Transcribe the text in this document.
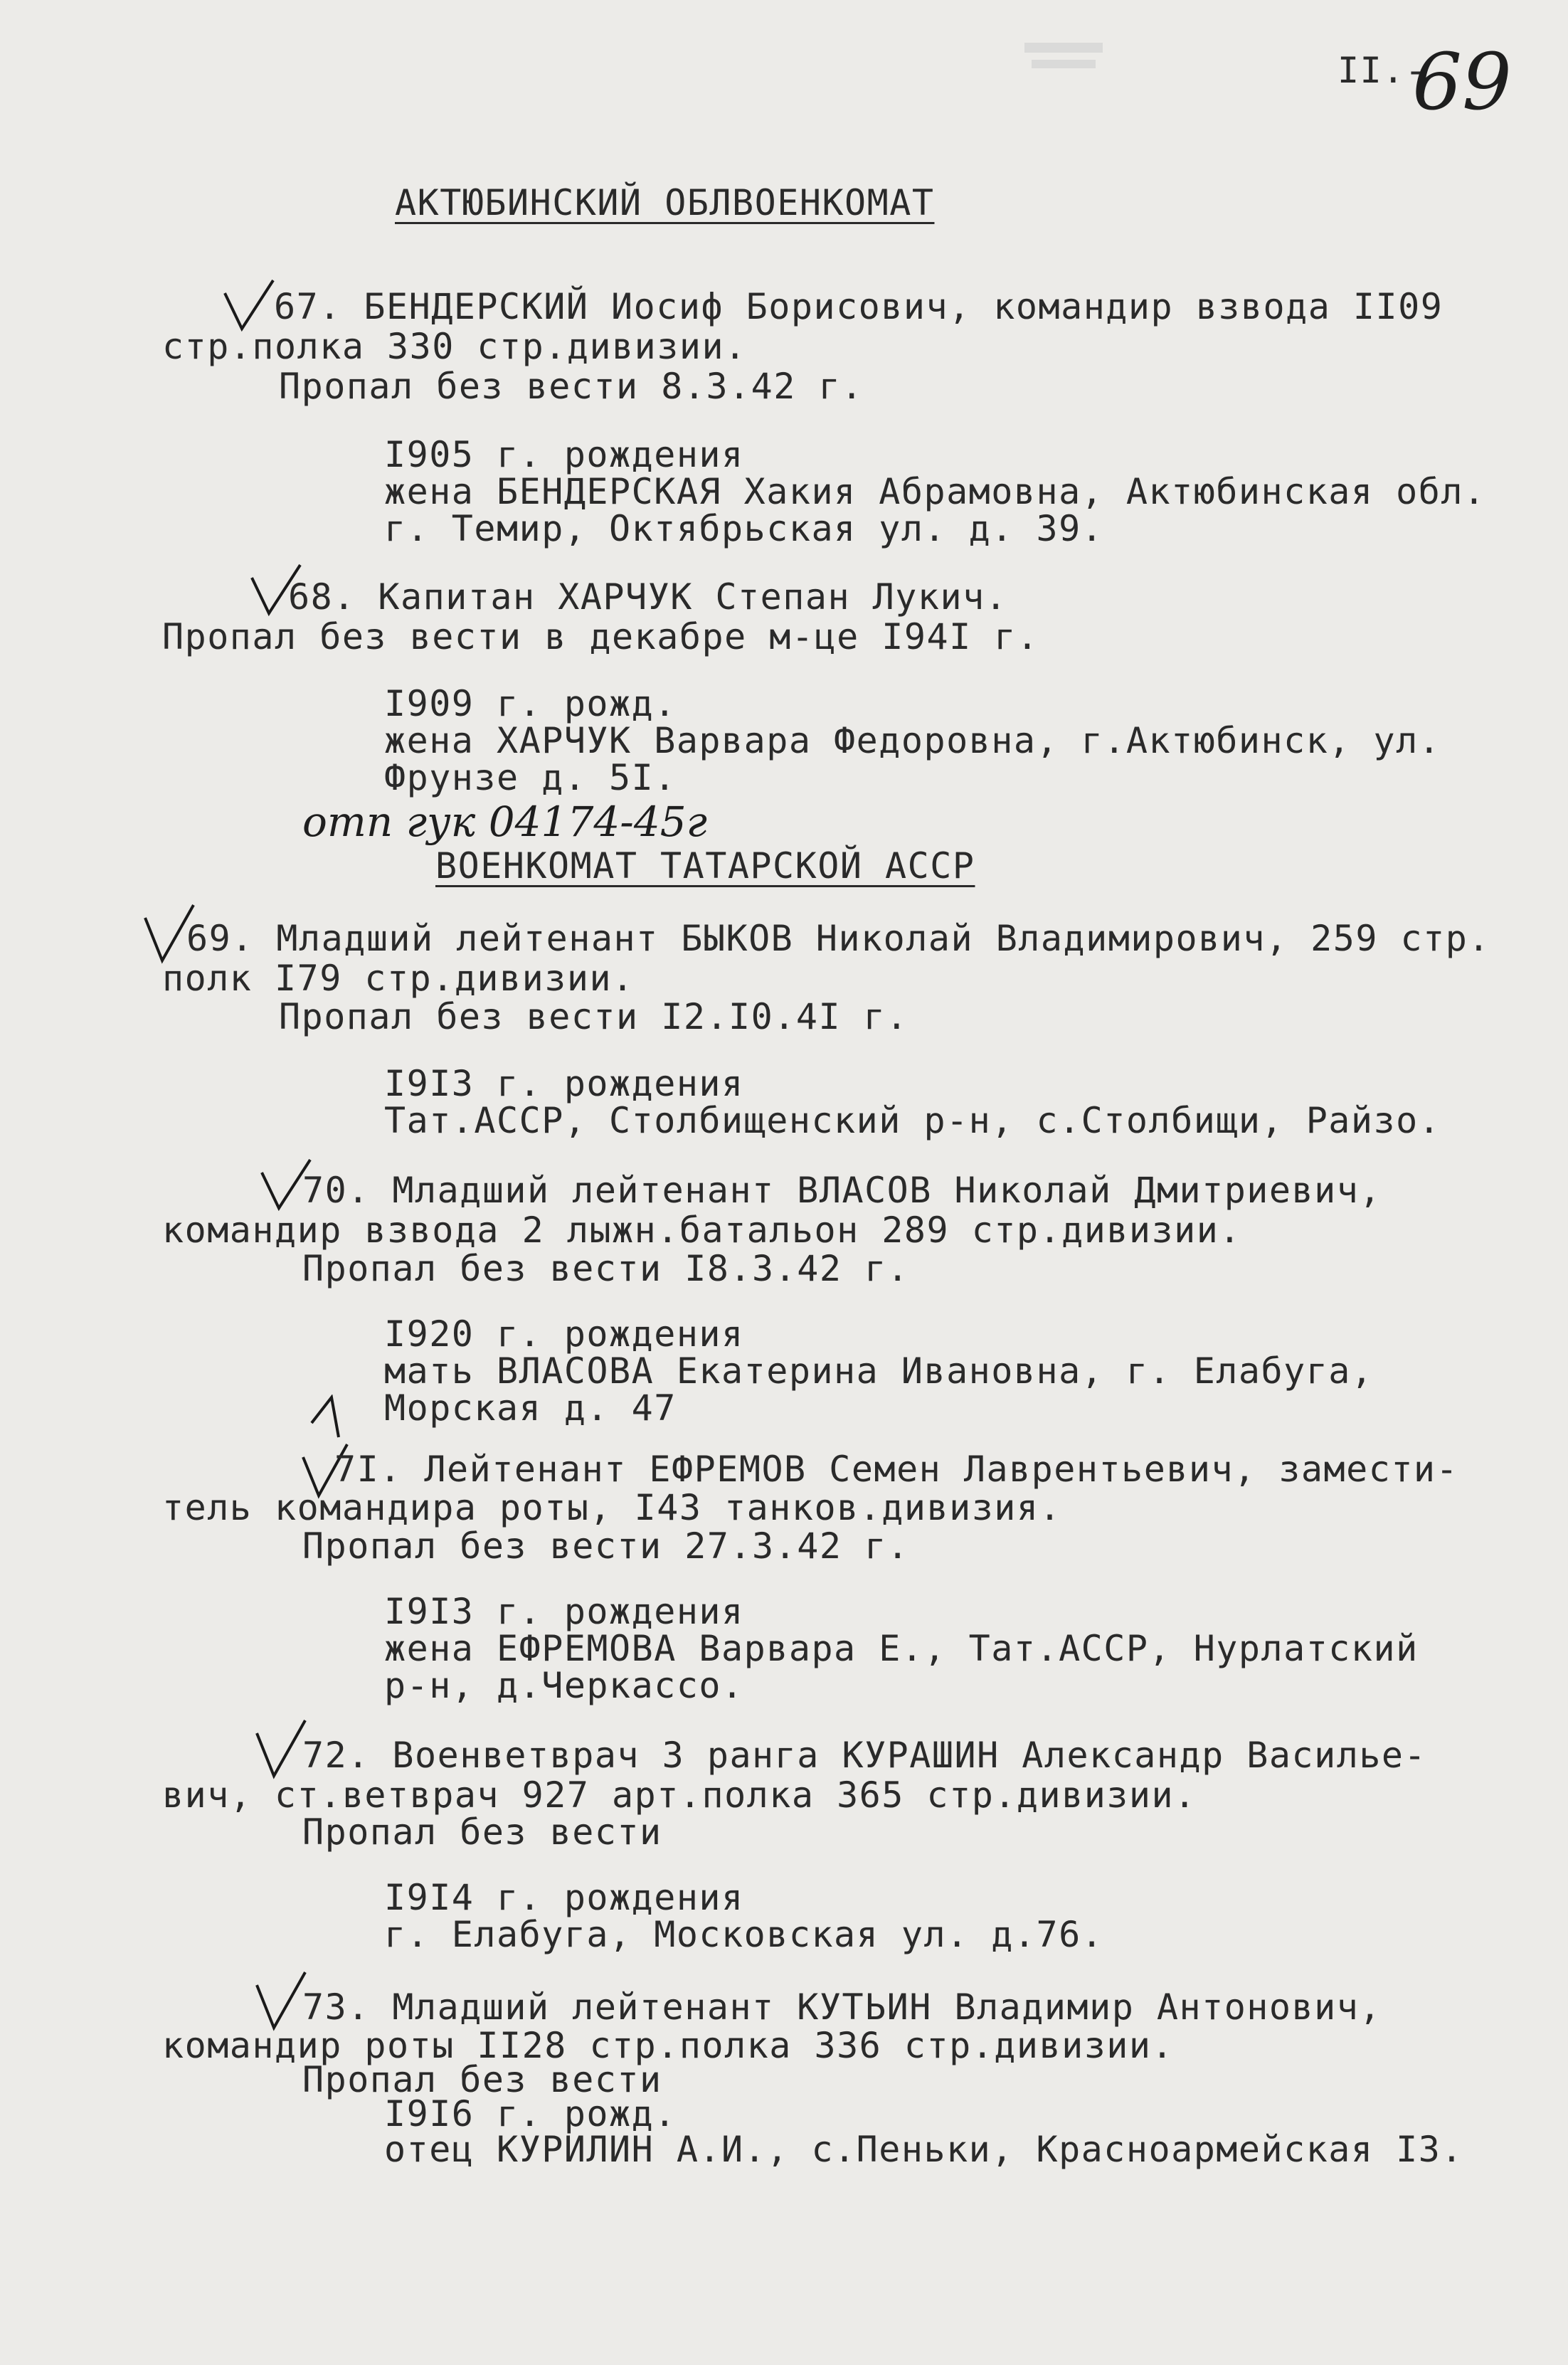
II.-
69
АКТЮБИНСКИЙ ОБЛВОЕНКОМАТ
67. БЕНДЕРСКИЙ Иосиф Борисович, командир взвода II09
стр.полка 330 стр.дивизии.
Пропал без вести 8.3.42 г.
I905 г. рождения
жена БЕНДЕРСКАЯ Хакия Абрамовна, Актюбинская обл.
г. Темир, Октябрьская ул. д. 39.
68. Капитан ХАРЧУК Степан Лукич.
Пропал без вести в декабре м-це I94I г.
I909 г. рожд.
жена ХАРЧУК Варвара Федоровна, г.Актюбинск, ул.
Фрунзе д. 5I.
отп гук 04174-45г
ВОЕНКОМАТ ТАТАРСКОЙ АССР
69. Младший лейтенант БЫКОВ Николай Владимирович, 259 стр.
полк I79 стр.дивизии.
Пропал без вести I2.I0.4I г.
I9I3 г. рождения
Тат.АССР, Столбищенский р-н, с.Столбищи, Райзо.
70. Младший лейтенант ВЛАСОВ Николай Дмитриевич,
командир взвода 2 лыжн.батальон 289 стр.дивизии.
Пропал без вести I8.3.42 г.
I920 г. рождения
мать ВЛАСОВА Екатерина Ивановна, г. Елабуга,
Морская д. 47
7I. Лейтенант ЕФРЕМОВ Семен Лаврентьевич, замести-
тель командира роты, I43 танков.дивизия.
Пропал без вести 27.3.42 г.
I9I3 г. рождения
жена ЕФРЕМОВА Варвара Е., Тат.АССР, Нурлатский
р-н, д.Черкассо.
72. Военветврач 3 ранга КУРАШИН Александр Васильe-
вич, ст.ветврач 927 арт.полка 365 стр.дивизии.
Пропал без вести
I9I4 г. рождения
г. Елабуга, Московская ул. д.76.
73. Младший лейтенант КУТЬИН Владимир Антонович,
командир роты II28 стр.полка 336 стр.дивизии.
Пропал без вести
I9I6 г. рожд.
отец КУРИЛИН А.И., с.Пеньки, Красноармейская I3.
